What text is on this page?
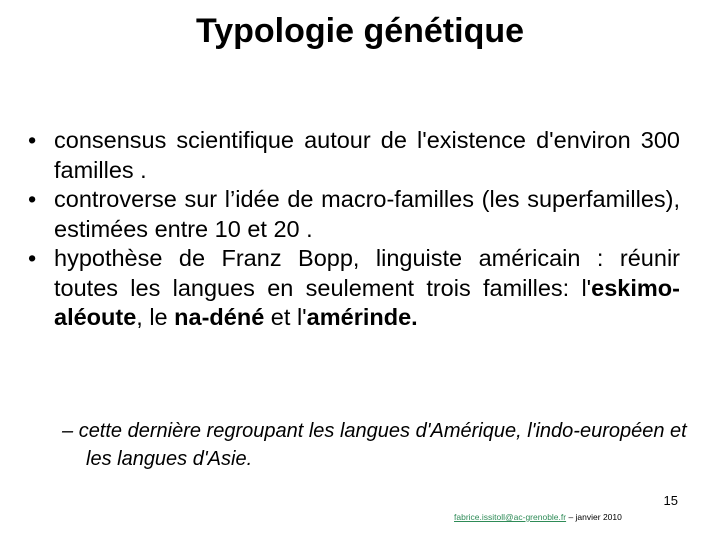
Typologie génétique
• consensus scientifique autour de l'existence d'environ 300 familles .
• controverse sur l’idée de macro-familles (les superfamilles), estimées entre 10 et 20 .
• hypothèse de Franz Bopp, linguiste américain : réunir toutes les langues en seulement trois familles: l'eskimo-aléoute, le na-déné et l'amérinde.
– cette dernière regroupant les langues d'Amérique, l'indo-européen et les langues d'Asie.
15
fabrice.issitoll@ac-grenoble.fr – janvier 2010
